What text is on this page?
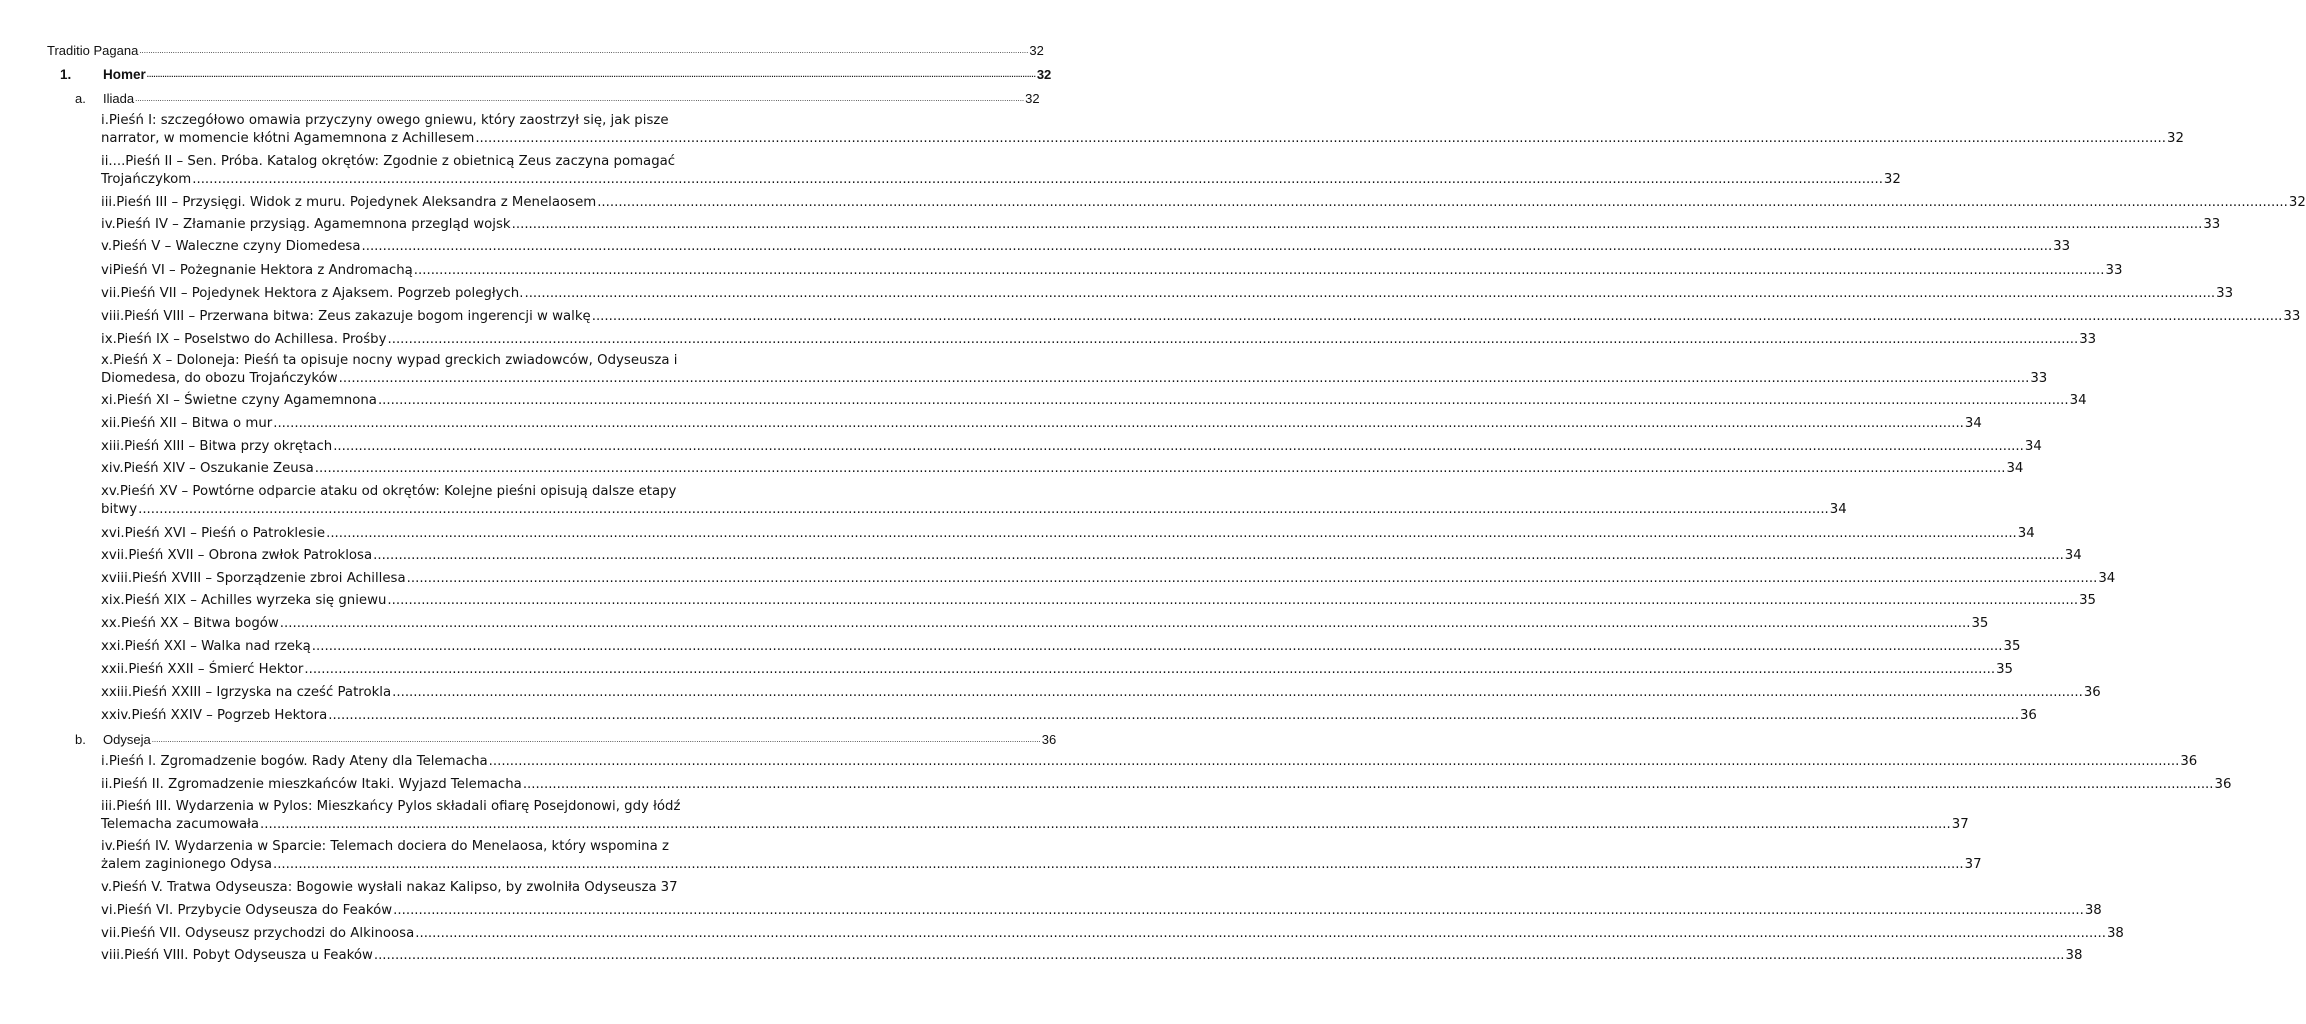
Traditio Pagana ................................................................................................................................................................................................................................................................................................................................................................................................................ 32
1.	Homer ................................................................................................................................................................................................................................................................................................................................................................................................................ 32
a.	Iliada ................................................................................................................................................................................................................................................................................................................................................................................................................ 32
i.Pieśń I: szczegółowo omawia przyczyny owego gniewu, który zaostrzył się, jak pisze
narrator, w momencie kłótni Agamemnona z Achillesem ................................................................................................................................................................................................................................................................................................................................................................................................................ 32
ii....Pieśń II – Sen. Próba. Katalog okrętów: Zgodnie z obietnicą Zeus zaczyna pomagać
Trojańczykom ................................................................................................................................................................................................................................................................................................................................................................................................................ 32
iii.Pieśń III – Przysięgi. Widok z muru. Pojedynek Aleksandra z Menelaosem ................................................................................................................................................................................................................................................................................................................................................................................................................ 32
iv.Pieśń IV – Złamanie przysiąg. Agamemnona przegląd wojsk ................................................................................................................................................................................................................................................................................................................................................................................................................ 33
v.Pieśń V – Waleczne czyny Diomedesa ................................................................................................................................................................................................................................................................................................................................................................................................................ 33
viPieśń VI – Pożegnanie Hektora z Andromachą ................................................................................................................................................................................................................................................................................................................................................................................................................ 33
vii.Pieśń VII – Pojedynek Hektora z Ajaksem. Pogrzeb poległych. ................................................................................................................................................................................................................................................................................................................................................................................................................ 33
viii.Pieśń VIII – Przerwana bitwa: Zeus zakazuje bogom ingerencji w walkę ................................................................................................................................................................................................................................................................................................................................................................................................................ 33
ix.Pieśń IX – Poselstwo do Achillesa. Prośby ................................................................................................................................................................................................................................................................................................................................................................................................................ 33
x.Pieśń X – Doloneja: Pieśń ta opisuje nocny wypad greckich zwiadowców, Odyseusza i
Diomedesa, do obozu Trojańczyków ................................................................................................................................................................................................................................................................................................................................................................................................................ 33
xi.Pieśń XI – Świetne czyny Agamemnona ................................................................................................................................................................................................................................................................................................................................................................................................................ 34
xii.Pieśń XII – Bitwa o mur ................................................................................................................................................................................................................................................................................................................................................................................................................ 34
xiii.Pieśń XIII – Bitwa przy okrętach ................................................................................................................................................................................................................................................................................................................................................................................................................ 34
xiv.Pieśń XIV – Oszukanie Zeusa ................................................................................................................................................................................................................................................................................................................................................................................................................ 34
xv.Pieśń XV – Powtórne odparcie ataku od okrętów: Kolejne pieśni opisują dalsze etapy
bitwy ................................................................................................................................................................................................................................................................................................................................................................................................................ 34
xvi.Pieśń XVI – Pieśń o Patroklesie ................................................................................................................................................................................................................................................................................................................................................................................................................ 34
xvii.Pieśń XVII – Obrona zwłok Patroklosa ................................................................................................................................................................................................................................................................................................................................................................................................................ 34
xviii.Pieśń XVIII – Sporządzenie zbroi Achillesa ................................................................................................................................................................................................................................................................................................................................................................................................................ 34
xix.Pieśń XIX – Achilles wyrzeka się gniewu ................................................................................................................................................................................................................................................................................................................................................................................................................ 35
xx.Pieśń XX – Bitwa bogów ................................................................................................................................................................................................................................................................................................................................................................................................................ 35
xxi.Pieśń XXI – Walka nad rzeką ................................................................................................................................................................................................................................................................................................................................................................................................................ 35
xxii.Pieśń XXII – Śmierć Hektor ................................................................................................................................................................................................................................................................................................................................................................................................................ 35
xxiii.Pieśń XXIII – Igrzyska na cześć Patrokla ................................................................................................................................................................................................................................................................................................................................................................................................................ 36
xxiv.Pieśń XXIV – Pogrzeb Hektora ................................................................................................................................................................................................................................................................................................................................................................................................................ 36
b.	Odyseja ................................................................................................................................................................................................................................................................................................................................................................................................................ 36
i.Pieśń I. Zgromadzenie bogów. Rady Ateny dla Telemacha ................................................................................................................................................................................................................................................................................................................................................................................................................ 36
ii.Pieśń II. Zgromadzenie mieszkańców Itaki. Wyjazd Telemacha ................................................................................................................................................................................................................................................................................................................................................................................................................ 36
iii.Pieśń III. Wydarzenia w Pylos: Mieszkańcy Pylos składali ofiarę Posejdonowi, gdy łódź
Telemacha zacumowała ................................................................................................................................................................................................................................................................................................................................................................................................................ 37
iv.Pieśń IV. Wydarzenia w Sparcie: Telemach dociera do Menelaosa, który wspomina z
żalem zaginionego Odysa ................................................................................................................................................................................................................................................................................................................................................................................................................ 37
v.Pieśń V. Tratwa Odyseusza: Bogowie wysłali nakaz Kalipso, by zwolniła Odyseusza 37
vi.Pieśń VI. Przybycie Odyseusza do Feaków ................................................................................................................................................................................................................................................................................................................................................................................................................ 38
vii.Pieśń VII. Odyseusz przychodzi do Alkinoosa ................................................................................................................................................................................................................................................................................................................................................................................................................ 38
viii.Pieśń VIII. Pobyt Odyseusza u Feaków ................................................................................................................................................................................................................................................................................................................................................................................................................ 38
